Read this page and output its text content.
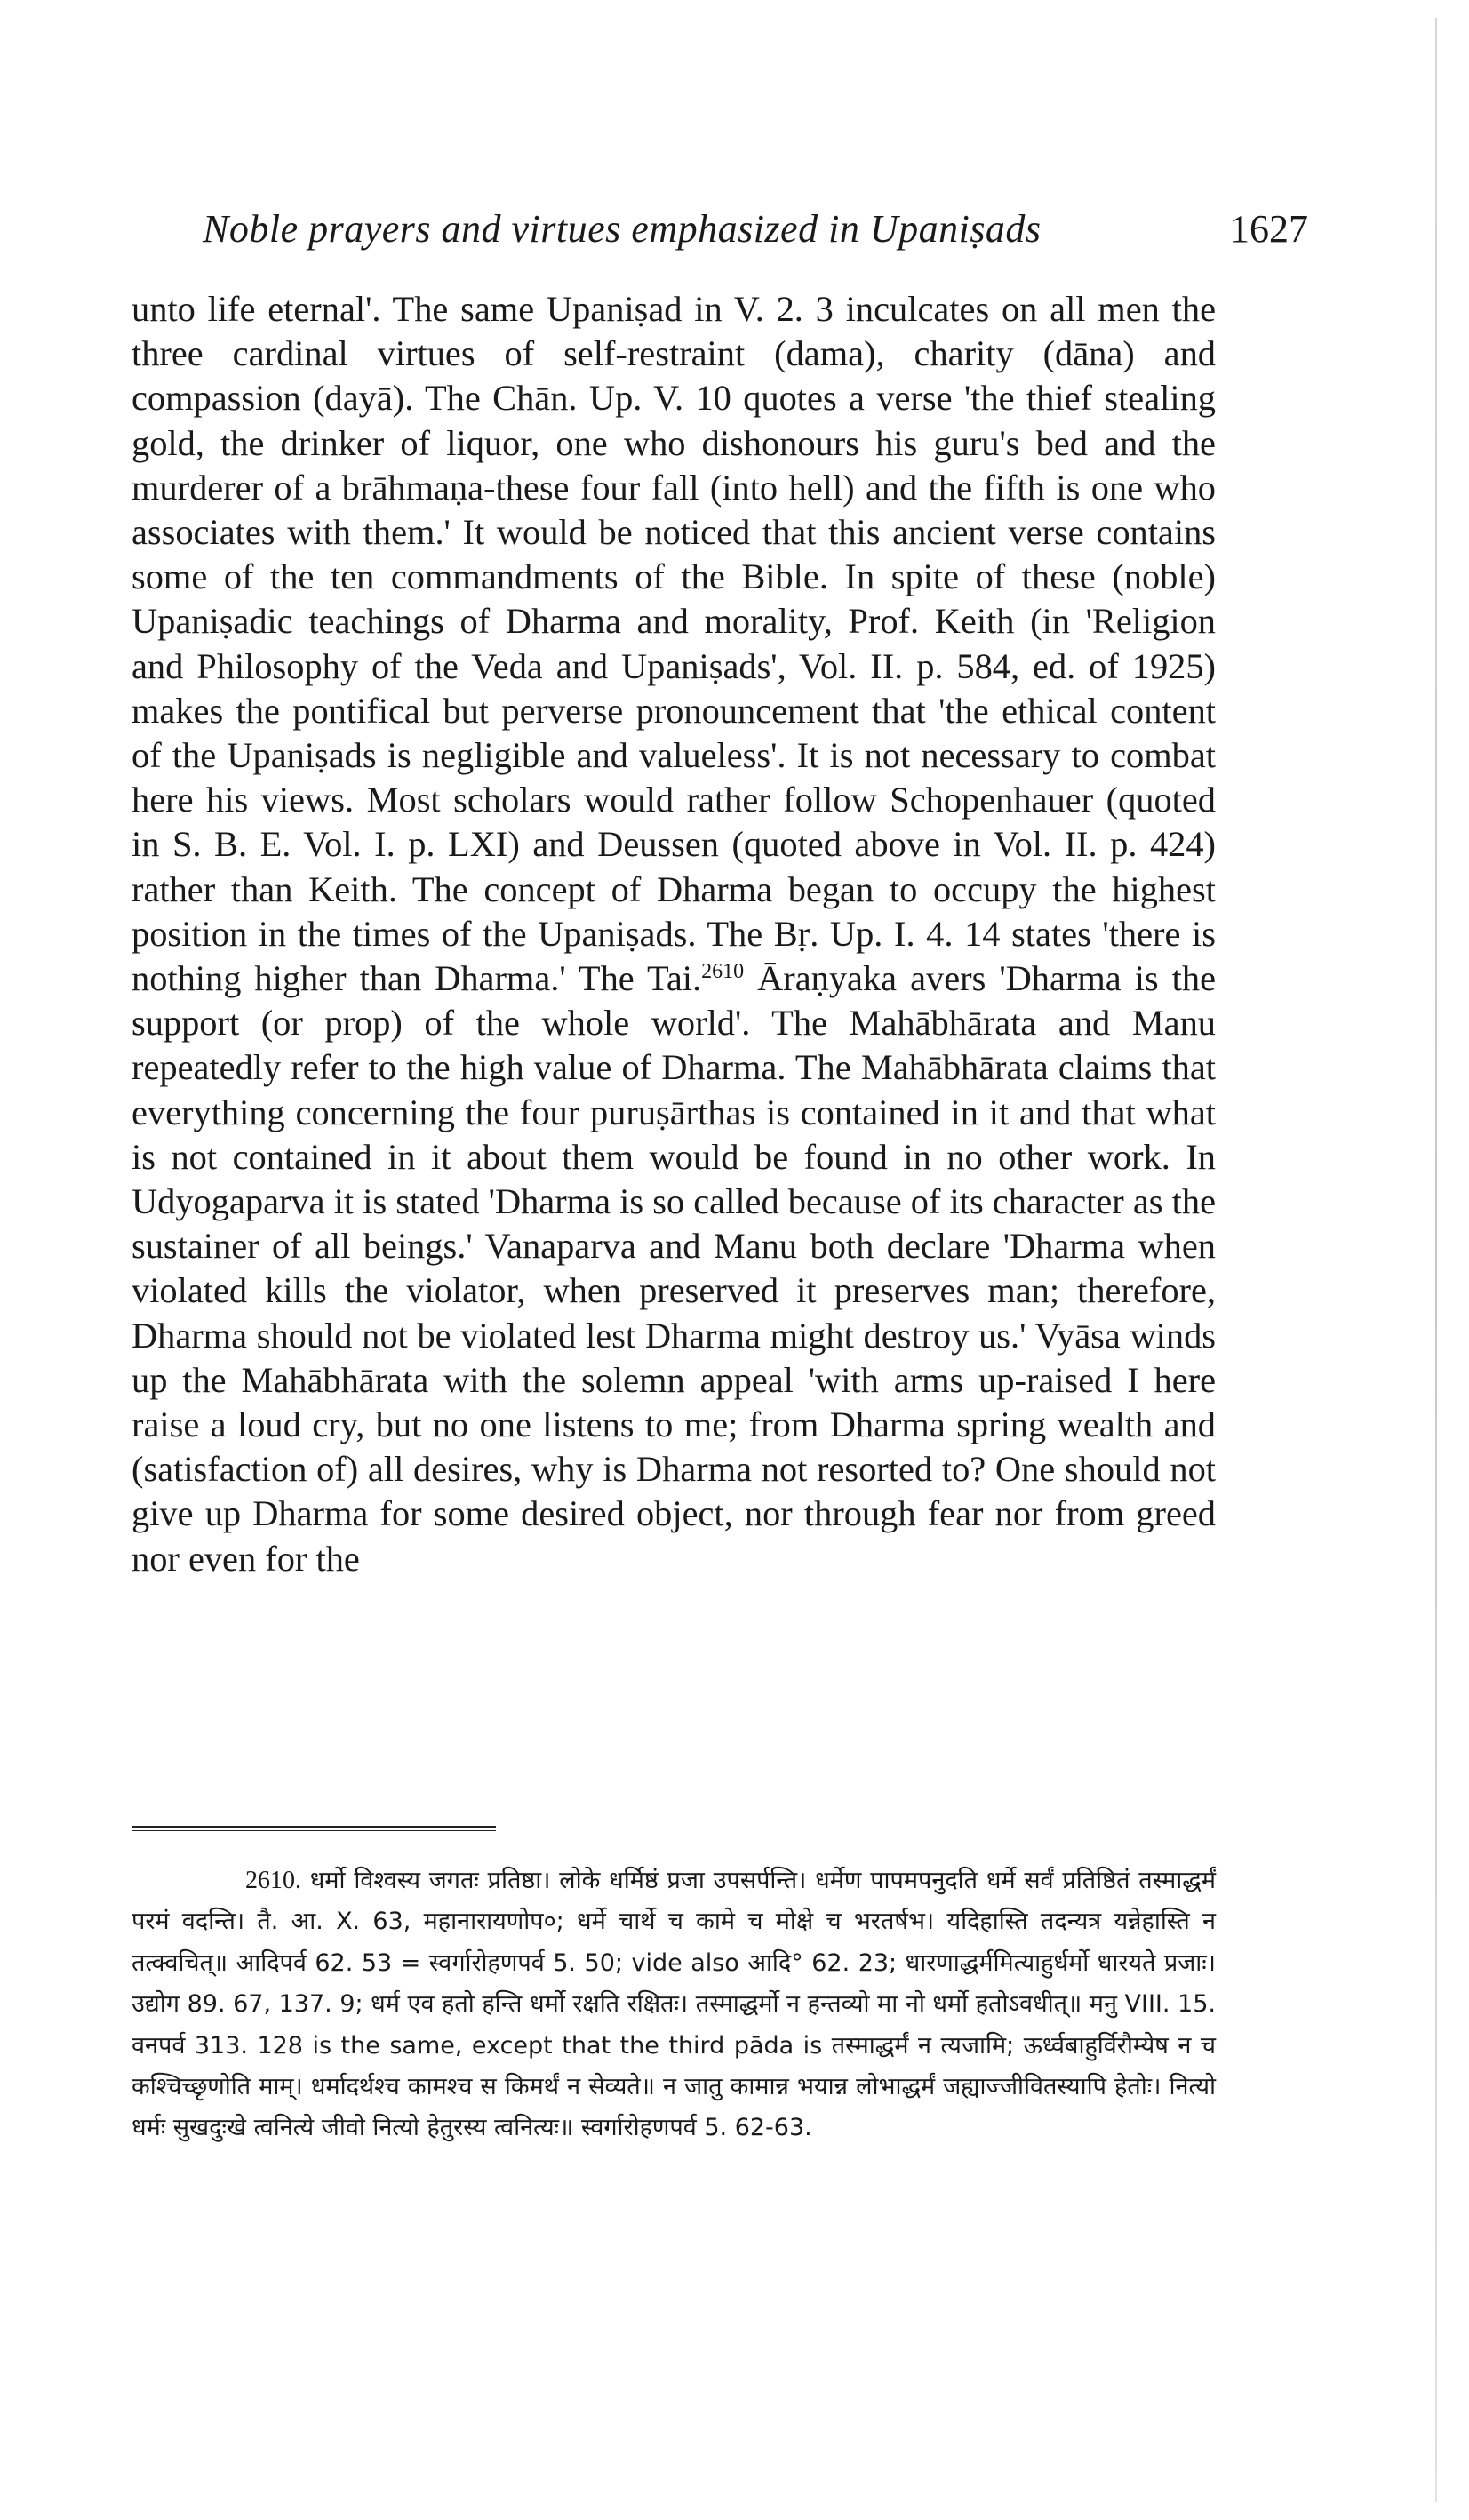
Noble prayers and virtues emphasized in Upaniṣads	1627

unto life eternal'. The same Upaniṣad in V. 2. 3 inculcates on all men the three cardinal virtues of self-restraint (dama), charity (dāna) and compassion (dayā). The Chān. Up. V. 10 quotes a verse 'the thief stealing gold, the drinker of liquor, one who dishonours his guru's bed and the murderer of a brāhmaṇa-these four fall (into hell) and the fifth is one who associates with them.' It would be noticed that this ancient verse contains some of the ten commandments of the Bible. In spite of these (noble) Upaniṣadic teachings of Dharma and morality, Prof. Keith (in 'Religion and Philosophy of the Veda and Upaniṣads', Vol. II. p. 584, ed. of 1925) makes the pontifical but perverse pronouncement that 'the ethical content of the Upaniṣads is negligible and valueless'. It is not necessary to combat here his views. Most scholars would rather follow Schopenhauer (quoted in S. B. E. Vol. I. p. LXI) and Deussen (quoted above in Vol. II. p. 424) rather than Keith. The concept of Dharma began to occupy the highest position in the times of the Upaniṣads. The Bṛ. Up. I. 4. 14 states 'there is nothing higher than Dharma.' The Tai.$^{2610}$ Āraṇyaka avers 'Dharma is the support (or prop) of the whole world'. The Mahābhārata and Manu repeatedly refer to the high value of Dharma. The Mahābhārata claims that everything concerning the four puruṣārthas is contained in it and that what is not contained in it about them would be found in no other work. In Udyogaparva it is stated 'Dharma is so called because of its character as the sustainer of all beings.' Vanaparva and Manu both declare 'Dharma when violated kills the violator, when preserved it preserves man; therefore, Dharma should not be violated lest Dharma might destroy us.' Vyāsa winds up the Mahābhārata with the solemn appeal 'with arms up-raised I here raise a loud cry, but no one listens to me; from Dharma spring wealth and (satisfaction of) all desires, why is Dharma not resorted to? One should not give up Dharma for some desired object, nor through fear nor from greed nor even for the

2610. धर्मो विश्वस्य जगतः प्रतिष्ठा। लोके धर्मिष्ठं प्रजा उपसर्पन्ति। धर्मेण पापमपनुदति धर्मे सर्वं प्रतिष्ठितं तस्माद्धर्मं परमं वदन्ति। तै. आ. X. 63, महानारायणोप०; धर्मे चार्थे च कामे च मोक्षे च भरतर्षभ। यदिहास्ति तदन्यत्र यन्नेहास्ति न तत्क्वचित्॥ आदिपर्व 62. 53 = स्वर्गारोहणपर्व 5. 50; vide also आदि° 62. 23; धारणाद्धर्ममित्याहुर्धर्मो धारयते प्रजाः। उद्योग 89. 67, 137. 9; धर्म एव हतो हन्ति धर्मो रक्षति रक्षितः। तस्माद्धर्मो न हन्तव्यो मा नो धर्मो हतोऽवधीत्॥ मनु VIII. 15. वनपर्व 313. 128 is the same, except that the third pāda is तस्माद्धर्मं न त्यजामि; ऊर्ध्वबाहुर्विरौम्येष न च कश्चिच्छृणोति माम्। धर्मादर्थश्च कामश्च स किमर्थं न सेव्यते॥ न जातु कामान्न भयान्न लोभाद्धर्मं जह्याज्जीवितस्यापि हेतोः। नित्यो धर्मः सुखदुःखे त्वनित्ये जीवो नित्यो हेतुरस्य त्वनित्यः॥ स्वर्गारोहणपर्व 5. 62-63.
